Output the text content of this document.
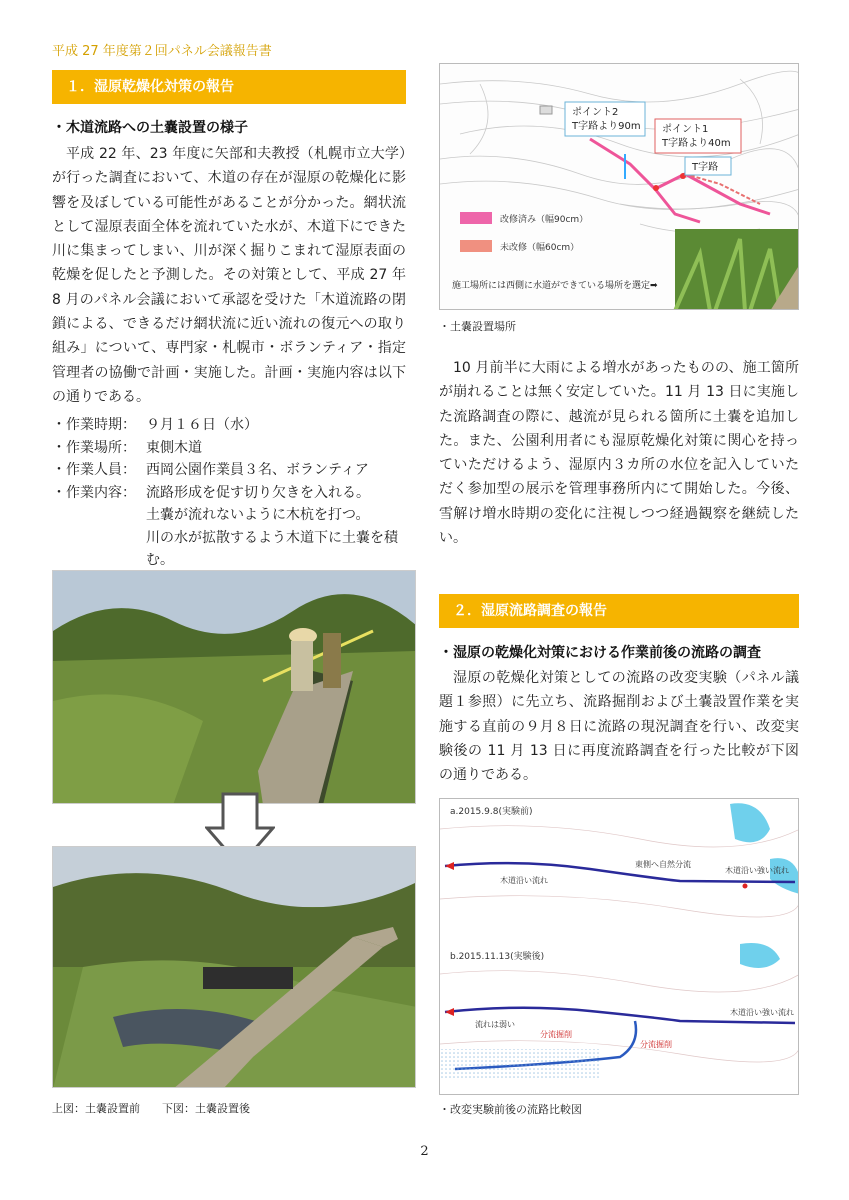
平成 27 年度第２回パネル会議報告書
１．湿原乾燥化対策の報告
・木道流路への土嚢設置の様子

平成 22 年、23 年度に矢部和夫教授（札幌市立大学）が行った調査において、木道の存在が湿原の乾燥化に影響を及ぼしている可能性があることが分かった。網状流として湿原表面全体を流れていた水が、木道下にできた川に集まってしまい、川が深く掘りこまれて湿原表面の乾燥を促したと予測した。その対策として、平成 27 年 8 月のパネル会議において承認を受けた「木道流路の閉鎖による、できるだけ網状流に近い流れの復元への取り組み」について、専門家・札幌市・ボランティア・指定管理者の協働で計画・実施した。計画・実施内容は以下の通りである。

・作業時期： ９月１６日（水）
・作業場所： 東側木道
・作業人員： 西岡公園作業員３名、ボランティア
・作業内容： 流路形成を促す切り欠きを入れる。
土嚢が流れないように木杭を打つ。
川の水が拡散するよう木道下に土嚢を積む。
上図：土嚢設置前　　下図：土嚢設置後
ポイント2
T字路より90m ポイント1
T字路より40m
T字路
改修済み（幅90cm）
未改修（幅60cm）
施工場所には西側に水道ができている場所を選定➡
・土嚢設置場所

10 月前半に大雨による増水があったものの、施工箇所が崩れることは無く安定していた。11 月 13 日に実施した流路調査の際に、越流が見られる箇所に土嚢を追加した。また、公園利用者にも湿原乾燥化対策に関心を持っていただけるよう、湿原内３カ所の水位を記入していただく参加型の展示を管理事務所内にて開始した。今後、雪解け増水時期の変化に注視しつつ経過観察を継続したい。

２．湿原流路調査の報告
・湿原の乾燥化対策における作業前後の流路の調査

湿原の乾燥化対策としての流路の改変実験（パネル議題１参照）に先立ち、流路掘削および土嚢設置作業を実施する直前の９月８日に流路の現況調査を行い、改変実験後の 11 月 13 日に再度流路調査を行った比較が下図の通りである。

a.2015.9.8(実験前)
東側へ自然分流
木道沿い流れ
木道沿い強い流れ
b.2015.11.13(実験後)
流れは弱い
分流掘削
分流掘削
木道沿い強い流れ
・改変実験前後の流路比較図
2
